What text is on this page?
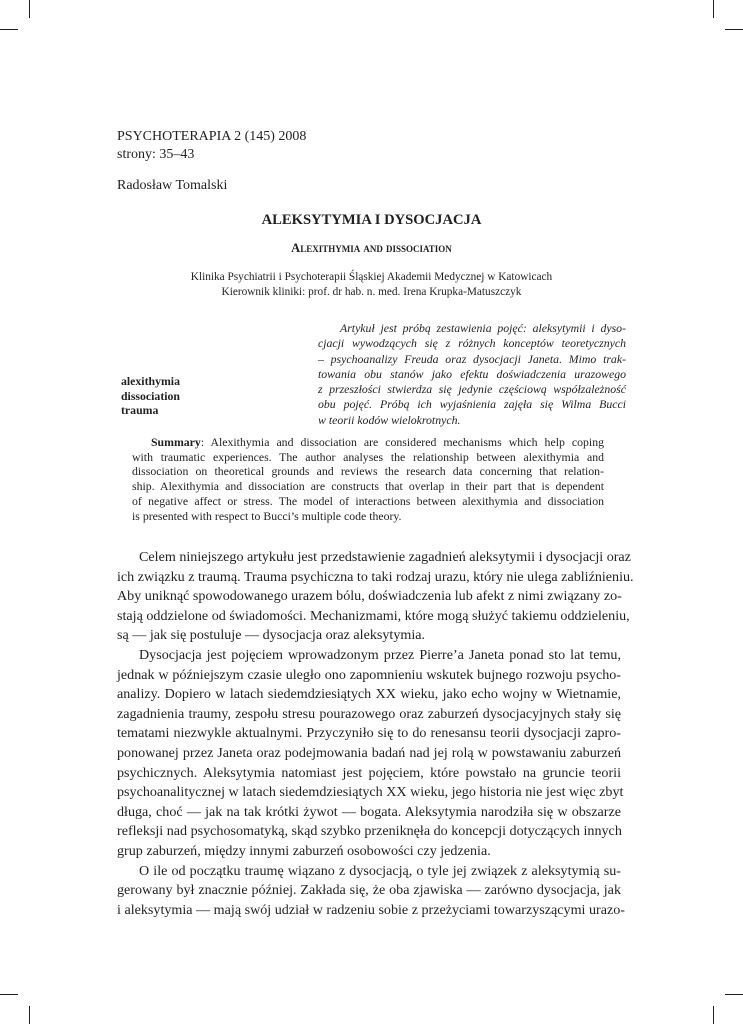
PSYCHOTERAPIA 2 (145) 2008
strony: 35–43
Radosław Tomalski
ALEKSYTYMIA I DYSOCJACJA
Alexithymia and dissociation
Klinika Psychiatrii i Psychoterapii Śląskiej Akademii Medycznej w Katowicach
Kierownik kliniki: prof. dr hab. n. med. Irena Krupka-Matuszczyk
Artykuł jest próbą zestawienia pojęć: aleksytymii i dyso-
cjacji wywodzących się z różnych konceptów teoretycznych
– psychoanalizy Freuda oraz dysocjacji Janeta. Mimo trak-
towania obu stanów jako efektu doświadczenia urazowego
z przeszłości stwierdza się jedynie częściową współzależność
obu pojęć. Próbą ich wyjaśnienia zajęła się Wilma Bucci
w teorii kodów wielokrotnych.
alexithymia
dissociation
trauma
Summary: Alexithymia and dissociation are considered mechanisms which help coping
with traumatic experiences. The author analyses the relationship between alexithymia and
dissociation on theoretical grounds and reviews the research data concerning that relation-
ship. Alexithymia and dissociation are constructs that overlap in their part that is dependent
of negative affect or stress. The model of interactions between alexithymia and dissociation
is presented with respect to Bucci’s multiple code theory.
Celem niniejszego artykułu jest przedstawienie zagadnień aleksytymii i dysocjacji oraz
ich związku z traumą. Trauma psychiczna to taki rodzaj urazu, który nie ulega zabliźnieniu.
Aby uniknąć spowodowanego urazem bólu, doświadczenia lub afekt z nimi związany zo-
stają oddzielone od świadomości. Mechanizmami, które mogą służyć takiemu oddzieleniu,
są — jak się postuluje — dysocjacja oraz aleksytymia.
Dysocjacja jest pojęciem wprowadzonym przez Pierre’a Janeta ponad sto lat temu,
jednak w późniejszym czasie uległo ono zapomnieniu wskutek bujnego rozwoju psycho-
analizy. Dopiero w latach siedemdziesiątych XX wieku, jako echo wojny w Wietnamie,
zagadnienia traumy, zespołu stresu pourazowego oraz zaburzeń dysocjacyjnych stały się
tematami niezwykle aktualnymi. Przyczyniło się to do renesansu teorii dysocjacji zapro-
ponowanej przez Janeta oraz podejmowania badań nad jej rolą w powstawaniu zaburzeń
psychicznych. Aleksytymia natomiast jest pojęciem, które powstało na gruncie teorii
psychoanalitycznej w latach siedemdziesiątych XX wieku, jego historia nie jest więc zbyt
długa, choć — jak na tak krótki żywot — bogata. Aleksytymia narodziła się w obszarze
refleksji nad psychosomatyką, skąd szybko przeniknęła do koncepcji dotyczących innych
grup zaburzeń, między innymi zaburzeń osobowości czy jedzenia.
O ile od początku traumę wiązano z dysocjacją, o tyle jej związek z aleksytymią su-
gerowany był znacznie później. Zakłada się, że oba zjawiska — zarówno dysocjacja, jak
i aleksytymia — mają swój udział w radzeniu sobie z przeżyciami towarzyszącymi urazo-
